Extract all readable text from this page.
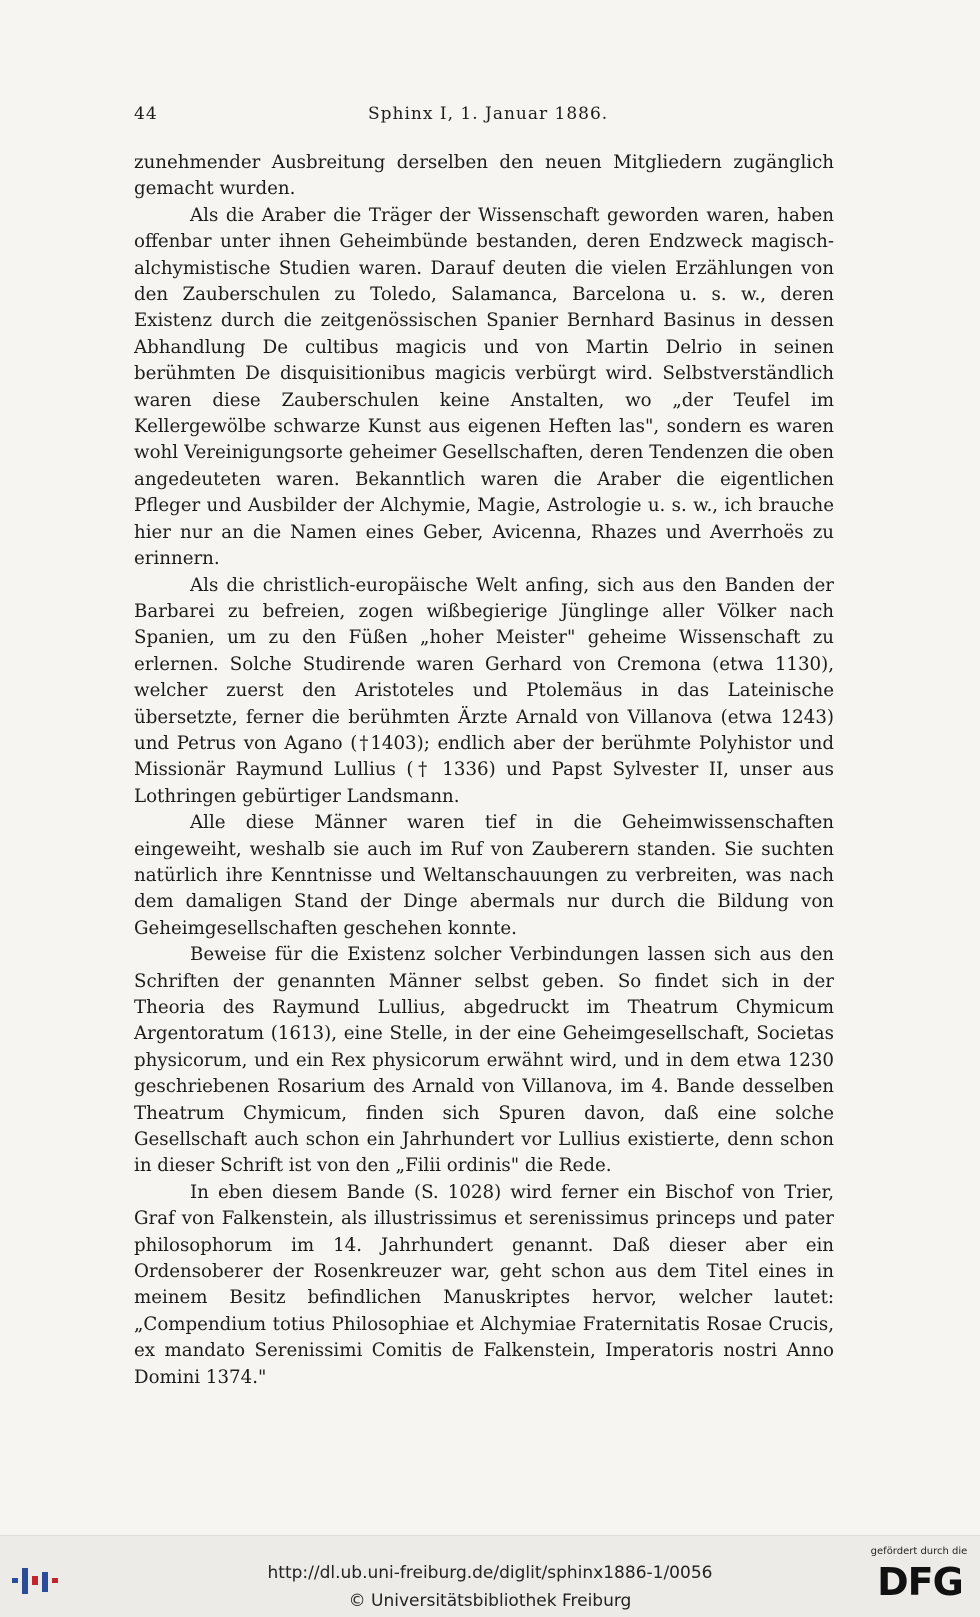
44	Sphinx I, 1. Januar 1886.

zunehmender Ausbreitung derselben den neuen Mitgliedern zugänglich gemacht wurden.

Als die Araber die Träger der Wissenschaft geworden waren, haben offenbar unter ihnen Geheimbünde bestanden, deren Endzweck magisch-alchymistische Studien waren. Darauf deuten die vielen Erzählungen von den Zauberschulen zu Toledo, Salamanca, Barcelona u. s. w., deren Existenz durch die zeitgenössischen Spanier Bernhard Basinus in dessen Abhandlung De cultibus magicis und von Martin Delrio in seinen berühmten De disquisitionibus magicis verbürgt wird. Selbstverständlich waren diese Zauberschulen keine Anstalten, wo „der Teufel im Kellergewölbe schwarze Kunst aus eigenen Heften las", sondern es waren wohl Vereinigungsorte geheimer Gesellschaften, deren Tendenzen die oben angedeuteten waren. Bekanntlich waren die Araber die eigentlichen Pfleger und Ausbilder der Alchymie, Magie, Astrologie u. s. w., ich brauche hier nur an die Namen eines Geber, Avicenna, Rhazes und Averrhoës zu erinnern.

Als die christlich-europäische Welt anfing, sich aus den Banden der Barbarei zu befreien, zogen wißbegierige Jünglinge aller Völker nach Spanien, um zu den Füßen „hoher Meister" geheime Wissenschaft zu erlernen. Solche Studirende waren Gerhard von Cremona (etwa 1130), welcher zuerst den Aristoteles und Ptolemäus in das Lateinische übersetzte, ferner die berühmten Ärzte Arnald von Villanova (etwa 1243) und Petrus von Agano (†1403); endlich aber der berühmte Polyhistor und Missionär Raymund Lullius († 1336) und Papst Sylvester II, unser aus Lothringen gebürtiger Landsmann.

Alle diese Männer waren tief in die Geheimwissenschaften eingeweiht, weshalb sie auch im Ruf von Zauberern standen. Sie suchten natürlich ihre Kenntnisse und Weltanschauungen zu verbreiten, was nach dem damaligen Stand der Dinge abermals nur durch die Bildung von Geheimgesellschaften geschehen konnte.

Beweise für die Existenz solcher Verbindungen lassen sich aus den Schriften der genannten Männer selbst geben. So findet sich in der Theoria des Raymund Lullius, abgedruckt im Theatrum Chymicum Argentoratum (1613), eine Stelle, in der eine Geheimgesellschaft, Societas physicorum, und ein Rex physicorum erwähnt wird, und in dem etwa 1230 geschriebenen Rosarium des Arnald von Villanova, im 4. Bande desselben Theatrum Chymicum, finden sich Spuren davon, daß eine solche Gesellschaft auch schon ein Jahrhundert vor Lullius existierte, denn schon in dieser Schrift ist von den „Filii ordinis" die Rede.

In eben diesem Bande (S. 1028) wird ferner ein Bischof von Trier, Graf von Falkenstein, als illustrissimus et serenissimus princeps und pater philosophorum im 14. Jahrhundert genannt. Daß dieser aber ein Ordensoberer der Rosenkreuzer war, geht schon aus dem Titel eines in meinem Besitz befindlichen Manuskriptes hervor, welcher lautet: „Compendium totius Philosophiae et Alchymiae Fraternitatis Rosae Crucis, ex mandato Serenissimi Comitis de Falkenstein, Imperatoris nostri Anno Domini 1374."

http://dl.ub.uni-freiburg.de/diglit/sphinx1886-1/0056
© Universitätsbibliothek Freiburg
gefördert durch die
DFG
